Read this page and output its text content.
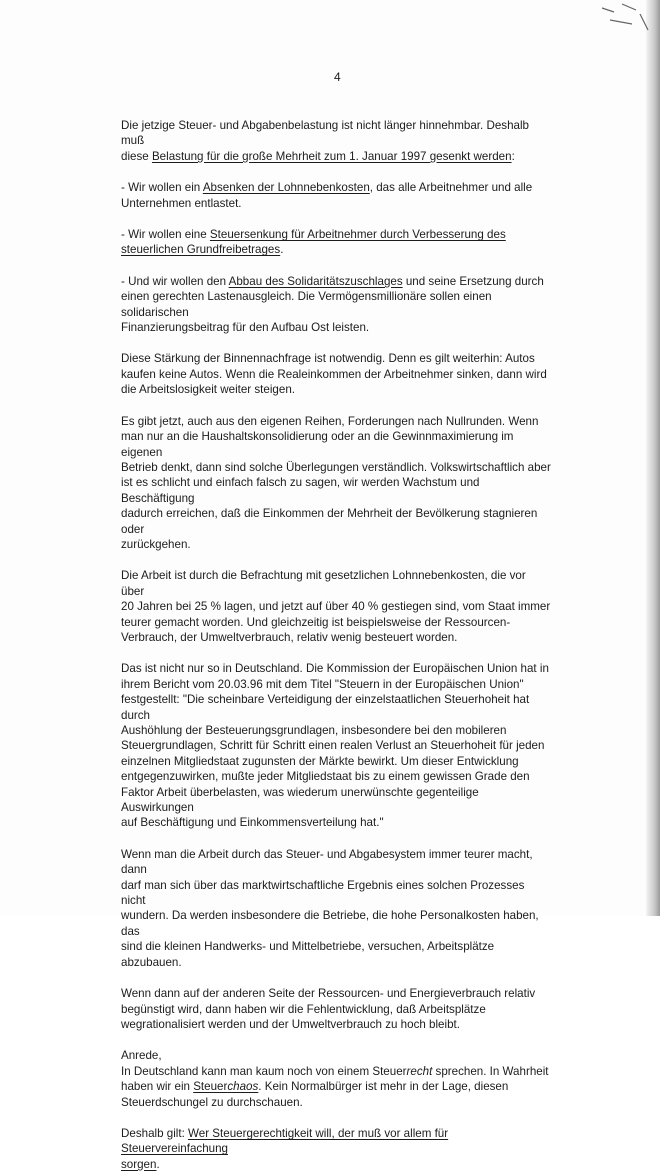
4
Die jetzige Steuer- und Abgabenbelastung ist nicht länger hinnehmbar. Deshalb muß
diese Belastung für die große Mehrheit zum 1. Januar 1997 gesenkt werden:
- Wir wollen ein Absenken der Lohnnebenkosten, das alle Arbeitnehmer und alle
Unternehmen entlastet.
- Wir wollen eine Steuersenkung für Arbeitnehmer durch Verbesserung des
steuerlichen Grundfreibetrages.
- Und wir wollen den Abbau des Solidaritätszuschlages und seine Ersetzung durch
einen gerechten Lastenausgleich. Die Vermögensmillionäre sollen einen solidarischen
Finanzierungsbeitrag für den Aufbau Ost leisten.
Diese Stärkung der Binnennachfrage ist notwendig. Denn es gilt weiterhin: Autos
kaufen keine Autos. Wenn die Realeinkommen der Arbeitnehmer sinken, dann wird
die Arbeitslosigkeit weiter steigen.
Es gibt jetzt, auch aus den eigenen Reihen, Forderungen nach Nullrunden. Wenn
man nur an die Haushaltskonsolidierung oder an die Gewinnmaximierung im eigenen
Betrieb denkt, dann sind solche Überlegungen verständlich. Volkswirtschaftlich aber
ist es schlicht und einfach falsch zu sagen, wir werden Wachstum und Beschäftigung
dadurch erreichen, daß die Einkommen der Mehrheit der Bevölkerung stagnieren oder
zurückgehen.
Die Arbeit ist durch die Befrachtung mit gesetzlichen Lohnnebenkosten, die vor über
20 Jahren bei 25 % lagen, und jetzt auf über 40 % gestiegen sind, vom Staat immer
teurer gemacht worden. Und gleichzeitig ist beispielsweise der Ressourcen-
Verbrauch, der Umweltverbrauch, relativ wenig besteuert worden.
Das ist nicht nur so in Deutschland. Die Kommission der Europäischen Union hat in
ihrem Bericht vom 20.03.96 mit dem Titel "Steuern in der Europäischen Union"
festgestellt: "Die scheinbare Verteidigung der einzelstaatlichen Steuerhoheit hat durch
Aushöhlung der Besteuerungsgrundlagen, insbesondere bei den mobileren
Steuergrundlagen, Schritt für Schritt einen realen Verlust an Steuerhoheit für jeden
einzelnen Mitgliedstaat zugunsten der Märkte bewirkt. Um dieser Entwicklung
entgegenzuwirken, mußte jeder Mitgliedstaat bis zu einem gewissen Grade den
Faktor Arbeit überbelasten, was wiederum unerwünschte gegenteilige Auswirkungen
auf Beschäftigung und Einkommensverteilung hat."
Wenn man die Arbeit durch das Steuer- und Abgabesystem immer teurer macht, dann
darf man sich über das marktwirtschaftliche Ergebnis eines solchen Prozesses nicht
wundern. Da werden insbesondere die Betriebe, die hohe Personalkosten haben, das
sind die kleinen Handwerks- und Mittelbetriebe, versuchen, Arbeitsplätze abzubauen.
Wenn dann auf der anderen Seite der Ressourcen- und Energieverbrauch relativ
begünstigt wird, dann haben wir die Fehlentwicklung, daß Arbeitsplätze
wegrationalisiert werden und der Umweltverbrauch zu hoch bleibt.
Anrede,
In Deutschland kann man kaum noch von einem Steuerrecht sprechen. In Wahrheit
haben wir ein Steuerchaos. Kein Normalbürger ist mehr in der Lage, diesen
Steuerdschungel zu durchschauen.
Deshalb gilt: Wer Steuergerechtigkeit will, der muß vor allem für Steuervereinfachung
sorgen.
